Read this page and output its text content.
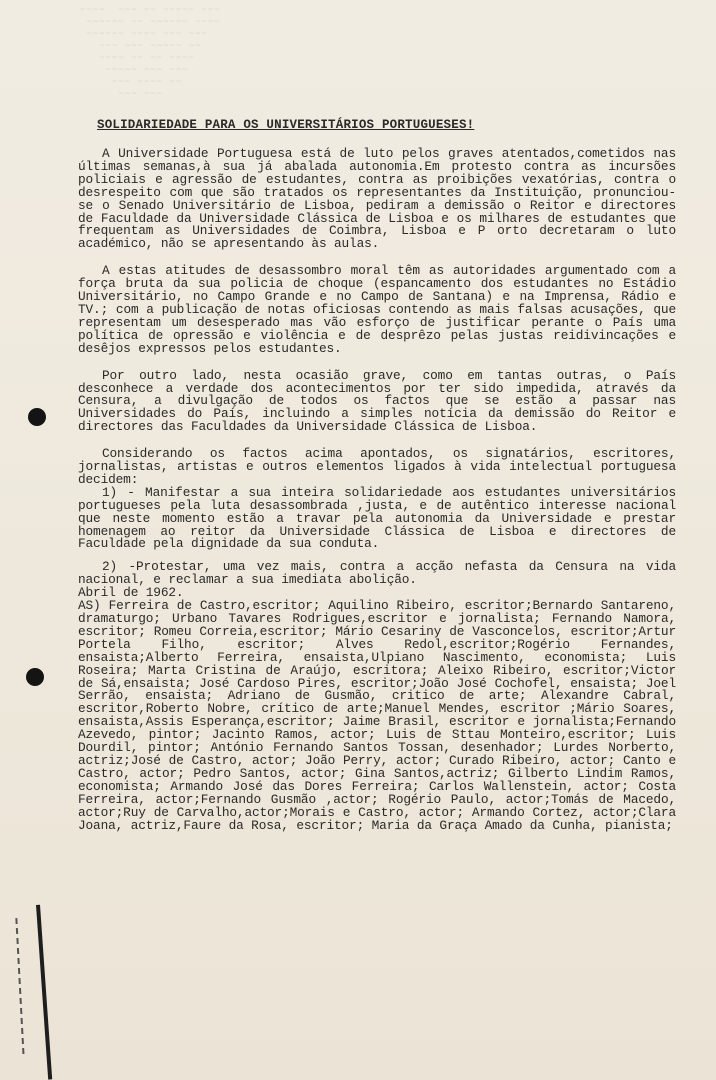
~~~~  ~~~ ~~ ~~~~~ ~~~
~~~~~~ ~~ ~~~~~~ ~~~~
~~~~~~ ~~~~ ~~~ ~~~
~~~ ~~~ ~~~~~ ~~
~~~~ ~~ ~~ ~~~~
~~~~~ ~~~ ~~~
~~~ ~~~~ ~~
~~~ ~~~
SOLIDARIEDADE PARA OS UNIVERSITÁRIOS PORTUGUESES!

A Universidade Portuguesa está de luto pelos graves atentados,cometidos nas últimas semanas,à sua já abalada autonomia.Em protesto contra as incursões policiais e agressão de estudantes, contra as proibições vexatórias, contra o desrespeito com que são tratados os representantes da Instituição, pronunciou-se o Senado Universitário de Lisboa, pediram a demissão o Reitor e directores de Faculdade da Universidade Clássica de Lisboa e os milhares de estudantes que frequentam as Universidades de Coimbra, Lisboa e P orto decretaram o luto académico, não se apresentando às aulas.

A estas atitudes de desassombro moral têm as autoridades argumentado com a força bruta da sua policia de choque (espancamento dos estudantes no Estádio Universitário, no Campo Grande e no Campo de Santana) e na Imprensa, Rádio e TV.; com a publicação de notas oficiosas contendo as mais falsas acusações, que representam um desesperado mas vão esforço de justificar perante o País uma política de opressão e violência e de desprêzo pelas justas reidivincações e desêjos expressos pelos estudantes.

Por outro lado, nesta ocasião grave, como em tantas outras, o País desconhece a verdade dos acontecimentos por ter sido impedida, através da Censura, a divulgação de todos os factos que se estão a passar nas Universidades do País, incluindo a simples notícia da demissão do Reitor e directores das Faculdades da Universidade Clássica de Lisboa.

Considerando os factos acima apontados, os signatários, escritores, jornalistas, artistas e outros elementos ligados à vida intelectual portuguesa decidem:

1) - Manifestar a sua inteira solidariedade aos estudantes universitários portugueses pela luta desassombrada ,justa, e de autêntico interesse nacional que neste momento estão a travar pela autonomia da Universidade e prestar homenagem ao reitor da Universidade Clássica de Lisboa e directores de Faculdade pela dignidade da sua conduta.

2) -Protestar, uma vez mais, contra a acção nefasta da Censura na vida nacional, e reclamar a sua imediata abolição.

Abril de 1962.

AS) Ferreira de Castro,escritor; Aquilino Ribeiro, escritor;Bernardo Santareno, dramaturgo; Urbano Tavares Rodrigues,escritor e jornalista; Fernando Namora, escritor; Romeu Correia,escritor; Mário Cesariny de Vasconcelos, escritor;Artur Portela Filho, escritor; Alves Redol,escritor;Rogério Fernandes, ensaista;Alberto Ferreira, ensaista,Ulpiano Nascimento, economista; Luis Roseira; Marta Cristina de Araújo, escritora; Aleixo Ribeiro, escritor;Victor de Sá,ensaista; José Cardoso Pires, escritor;João José Cochofel, ensaista; Joel Serrão, ensaista; Adriano de Gusmão, critico de arte; Alexandre Cabral, escritor,Roberto Nobre, crítico de arte;Manuel Mendes, escritor ;Mário Soares, ensaista,Assis Esperança,escritor; Jaime Brasil, escritor e jornalista;Fernando Azevedo, pintor; Jacinto Ramos, actor; Luis de Sttau Monteiro,escritor; Luis Dourdil, pintor; António Fernando Santos Tossan, desenhador; Lurdes Norberto, actriz;José de Castro, actor; João Perry, actor; Curado Ribeiro, actor; Canto e Castro, actor; Pedro Santos, actor; Gina Santos,actriz; Gilberto Lindim Ramos, economista; Armando José das Dores Ferreira; Carlos Wallenstein, actor; Costa Ferreira, actor;Fernando Gusmão ,actor; Rogério Paulo, actor;Tomás de Macedo, actor;Ruy de Carvalho,actor;Morais e Castro, actor; Armando Cortez, actor;Clara Joana, actriz,Faure da Rosa, escritor; Maria da Graça Amado da Cunha, pianista;
